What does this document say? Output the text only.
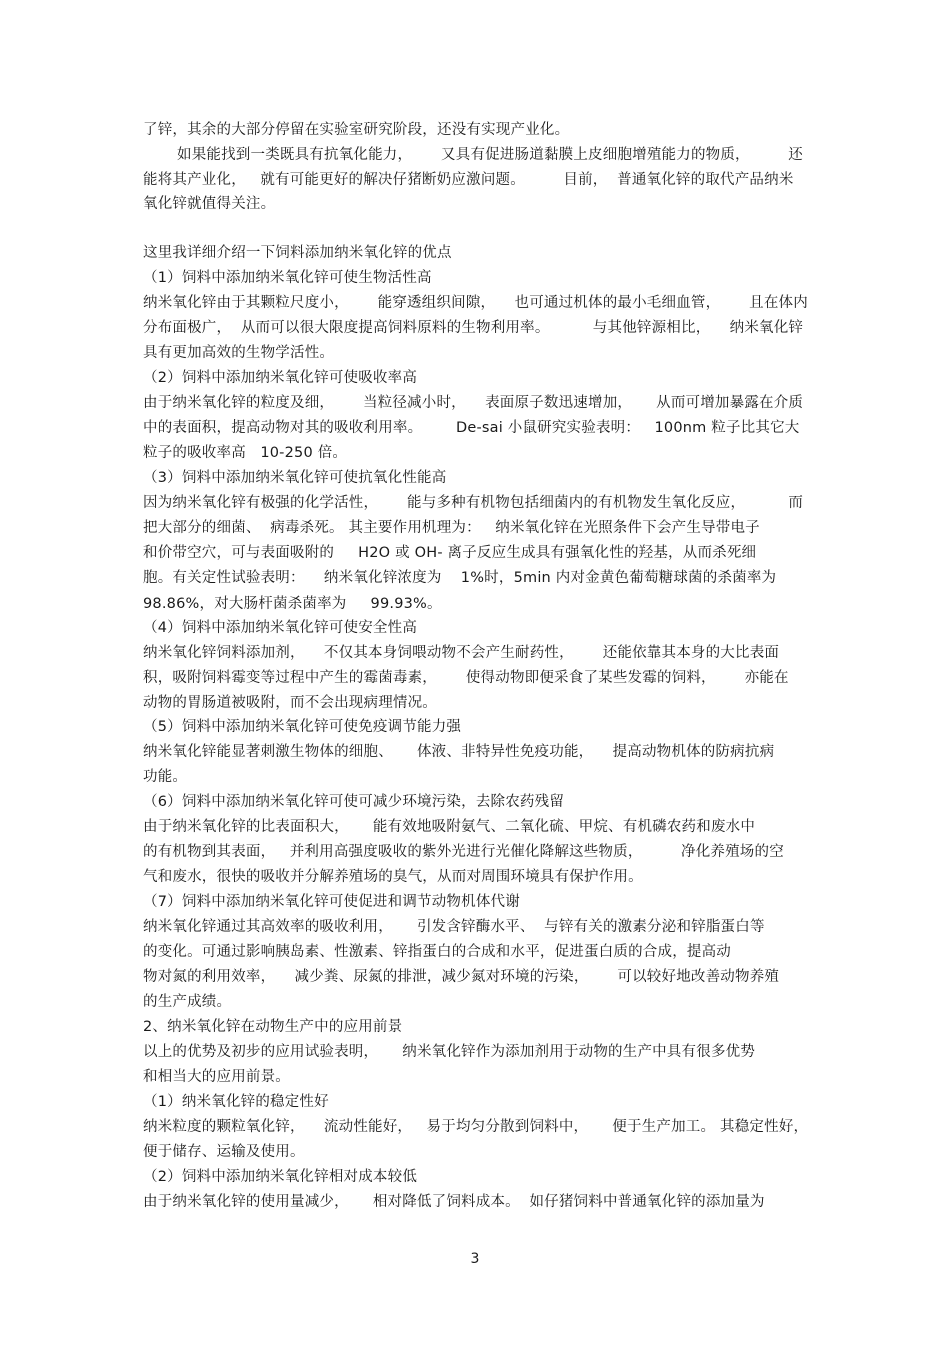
了锌，其余的大部分停留在实验室研究阶段，还没有实现产业化。
如果能找到一类既具有抗氧化能力，      又具有促进肠道黏膜上皮细胞增殖能力的物质，        还
能将其产业化，   就有可能更好的解决仔猪断奶应激问题。        目前，  普通氧化锌的取代产品纳米
氧化锌就值得关注。
这里我详细介绍一下饲料添加纳米氧化锌的优点
（1）饲料中添加纳米氧化锌可使生物活性高
纳米氧化锌由于其颗粒尺度小，      能穿透组织间隙，    也可通过机体的最小毛细血管，      且在体内
分布面极广，  从而可以很大限度提高饲料原料的生物利用率。         与其他锌源相比，    纳米氧化锌
具有更加高效的生物学活性。
（2）饲料中添加纳米氧化锌可使吸收率高
由于纳米氧化锌的粒度及细，      当粒径减小时，    表面原子数迅速增加，     从而可增加暴露在介质
中的表面积，提高动物对其的吸收利用率。       De-sai 小鼠研究实验表明：   100nm 粒子比其它大
粒子的吸收率高   10-250 倍。
（3）饲料中添加纳米氧化锌可使抗氧化性能高
因为纳米氧化锌有极强的化学活性，      能与多种有机物包括细菌内的有机物发生氧化反应，         而
把大部分的细菌、  病毒杀死。 其主要作用机理为：   纳米氧化锌在光照条件下会产生导带电子
和价带空穴，可与表面吸附的     H2O 或 OH- 离子反应生成具有强氧化性的羟基，从而杀死细
胞。有关定性试验表明：    纳米氧化锌浓度为    1%时，5min 内对金黄色葡萄糖球菌的杀菌率为
98.86%，对大肠杆菌杀菌率为     99.93%。
（4）饲料中添加纳米氧化锌可使安全性高
纳米氧化锌饲料添加剂，    不仅其本身饲喂动物不会产生耐药性，      还能依靠其本身的大比表面
积，吸附饲料霉变等过程中产生的霉菌毒素，      使得动物即便采食了某些发霉的饲料，      亦能在
动物的胃肠道被吸附，而不会出现病理情况。
（5）饲料中添加纳米氧化锌可使免疫调节能力强
纳米氧化锌能显著刺激生物体的细胞、     体液、非特异性免疫功能，    提高动物机体的防病抗病
功能。
（6）饲料中添加纳米氧化锌可使可减少环境污染，去除农药残留
由于纳米氧化锌的比表面积大，     能有效地吸附氨气、二氧化硫、甲烷、有机磷农药和废水中
的有机物到其表面，   并利用高强度吸收的紫外光进行光催化降解这些物质，        净化养殖场的空
气和废水，很快的吸收并分解养殖场的臭气，从而对周围环境具有保护作用。
（7）饲料中添加纳米氧化锌可使促进和调节动物机体代谢
纳米氧化锌通过其高效率的吸收利用，     引发含锌酶水平、  与锌有关的激素分泌和锌脂蛋白等
的变化。可通过影响胰岛素、性激素、锌指蛋白的合成和水平，促进蛋白质的合成，提高动
物对氮的利用效率，    减少粪、尿氮的排泄，减少氮对环境的污染，      可以较好地改善动物养殖
的生产成绩。
2、纳米氧化锌在动物生产中的应用前景
以上的优势及初步的应用试验表明，     纳米氧化锌作为添加剂用于动物的生产中具有很多优势
和相当大的应用前景。
（1）纳米氧化锌的稳定性好
纳米粒度的颗粒氧化锌，    流动性能好，   易于均匀分散到饲料中，     便于生产加工。 其稳定性好，
便于储存、运输及使用。
（2）饲料中添加纳米氧化锌相对成本较低
由于纳米氧化锌的使用量减少，     相对降低了饲料成本。  如仔猪饲料中普通氧化锌的添加量为
3
